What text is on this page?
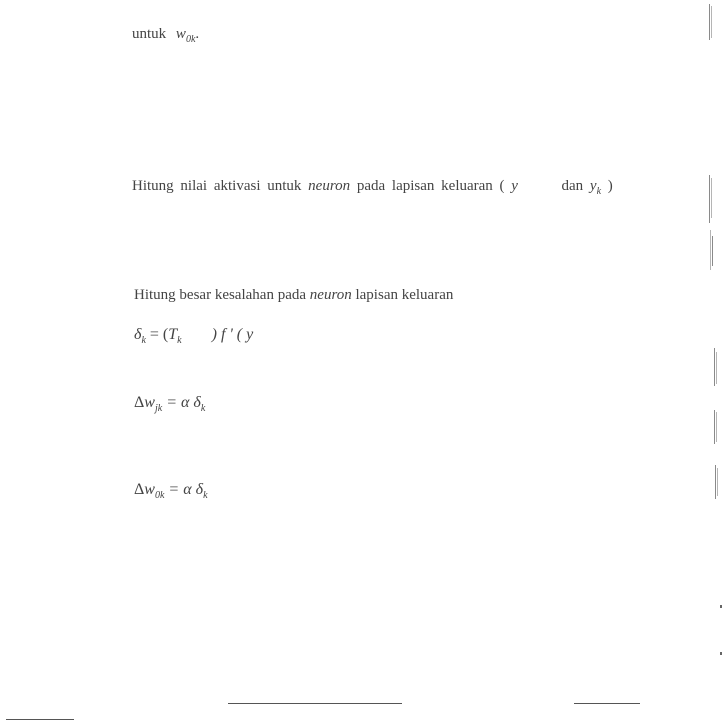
untuk $w_{0k}$.
Hitung nilai aktivasi untuk neuron pada lapisan keluaran ( y	dan $y_k$ )
Hitung besar kesalahan pada neuron lapisan keluaran
$\delta_k = (T_k$ ) f ' ( y
$\Delta w_{jk} = \alpha$ $\delta_k$
$\Delta w_{0k} = \alpha$ $\delta_k$
